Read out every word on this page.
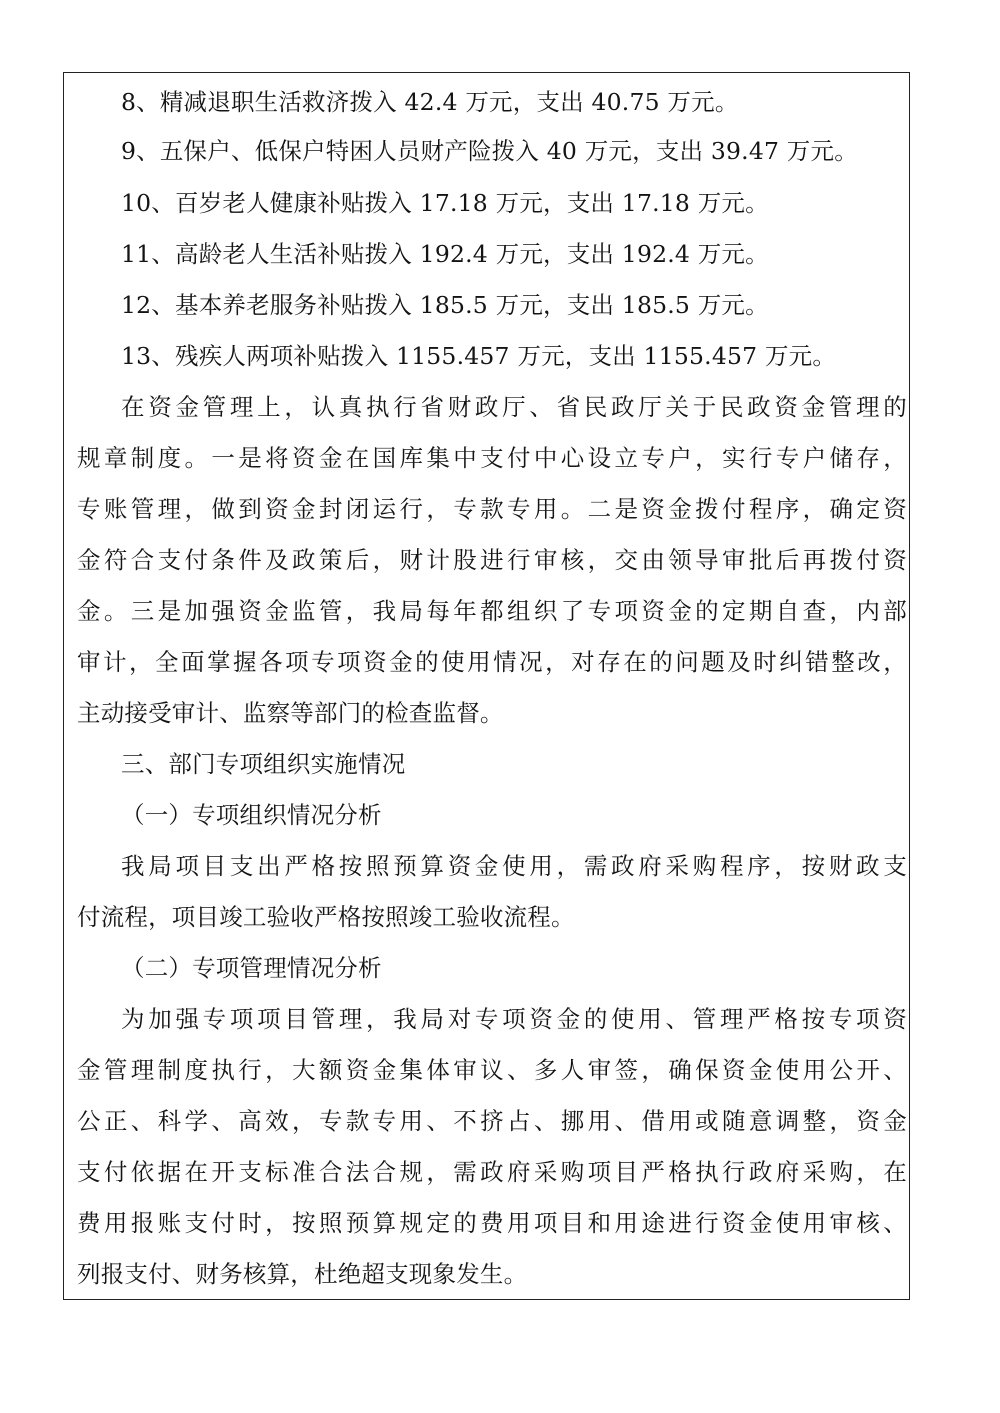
8、精减退职生活救济拨入 42.4 万元，支出 40.75 万元。
9、五保户、低保户特困人员财产险拨入 40 万元，支出 39.47 万元。
10、百岁老人健康补贴拨入 17.18 万元，支出 17.18 万元。
11、高龄老人生活补贴拨入 192.4 万元，支出 192.4 万元。
12、基本养老服务补贴拨入 185.5 万元，支出 185.5 万元。
13、残疾人两项补贴拨入 1155.457 万元，支出 1155.457 万元。
在资金管理上，认真执行省财政厅、省民政厅关于民政资金管理的
规章制度。一是将资金在国库集中支付中心设立专户，实行专户储存，
专账管理，做到资金封闭运行，专款专用。二是资金拨付程序，确定资
金符合支付条件及政策后，财计股进行审核，交由领导审批后再拨付资
金。三是加强资金监管，我局每年都组织了专项资金的定期自查，内部
审计，全面掌握各项专项资金的使用情况，对存在的问题及时纠错整改，
主动接受审计、监察等部门的检查监督。
三、部门专项组织实施情况
（一）专项组织情况分析
我局项目支出严格按照预算资金使用，需政府采购程序，按财政支
付流程，项目竣工验收严格按照竣工验收流程。
（二）专项管理情况分析
为加强专项项目管理，我局对专项资金的使用、管理严格按专项资
金管理制度执行，大额资金集体审议、多人审签，确保资金使用公开、
公正、科学、高效，专款专用、不挤占、挪用、借用或随意调整，资金
支付依据在开支标准合法合规，需政府采购项目严格执行政府采购，在
费用报账支付时，按照预算规定的费用项目和用途进行资金使用审核、
列报支付、财务核算，杜绝超支现象发生。
